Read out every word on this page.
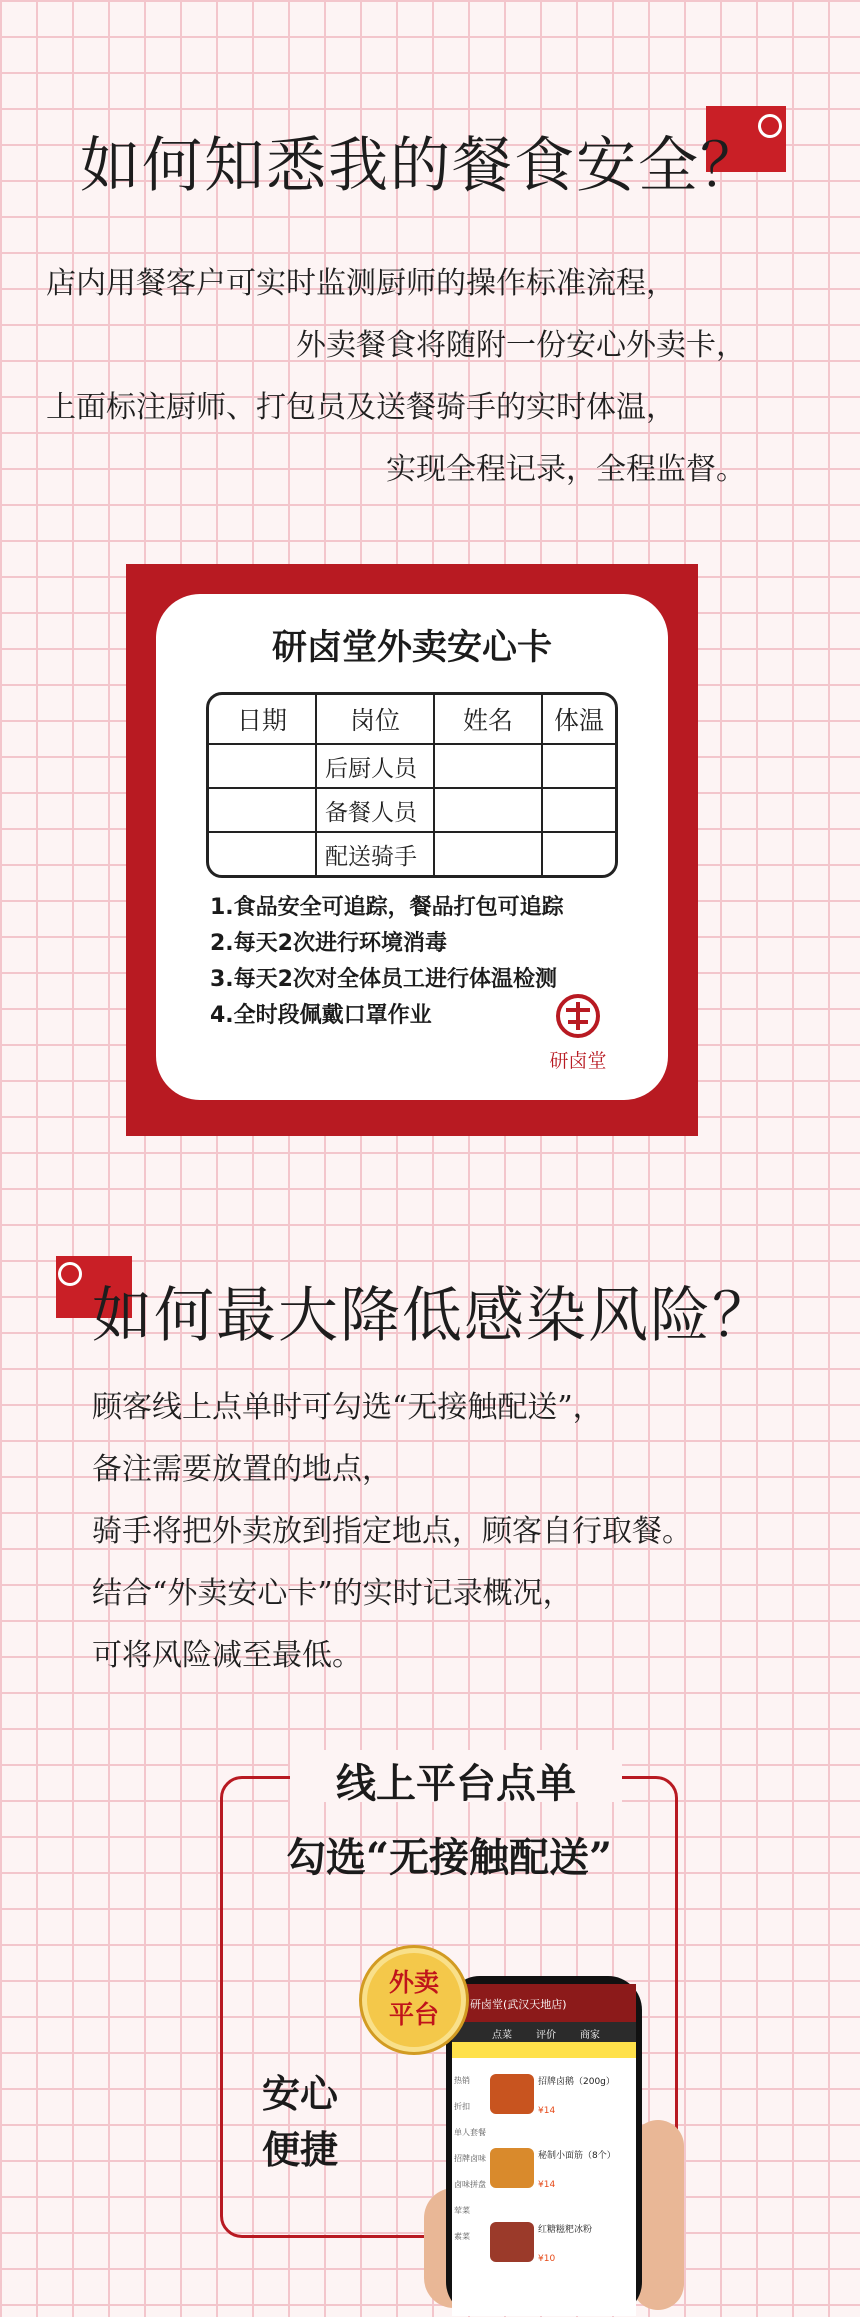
如何知悉我的餐食安全？
店内用餐客户可实时监测厨师的操作标准流程，
外卖餐食将随附一份安心外卖卡，
上面标注厨师、打包员及送餐骑手的实时体温，
实现全程记录，全程监督。
研卤堂外卖安心卡
日期	岗位	姓名	体温
	后厨人员		
	备餐人员		
	配送骑手		
1.食品安全可追踪，餐品打包可追踪
2.每天2次进行环境消毒
3.每天2次对全体员工进行体温检测
4.全时段佩戴口罩作业
研卤堂
如何最大降低感染风险？
顾客线上点单时可勾选“无接触配送”，
备注需要放置的地点，
骑手将把外卖放到指定地点，顾客自行取餐。
结合“外卖安心卡”的实时记录概况，
可将风险减至最低。
线上平台点单
勾选“无接触配送”
安心
便捷
研卤堂(武汉天地店)
点菜 评价 商家
热销
折扣
单人套餐
招牌卤味
卤味拼盘
荤菜
素菜
招牌卤鹅（200g）
¥14
秘制小面筋（8个）
¥14
红糖糍粑冰粉
¥10
外卖
平台
